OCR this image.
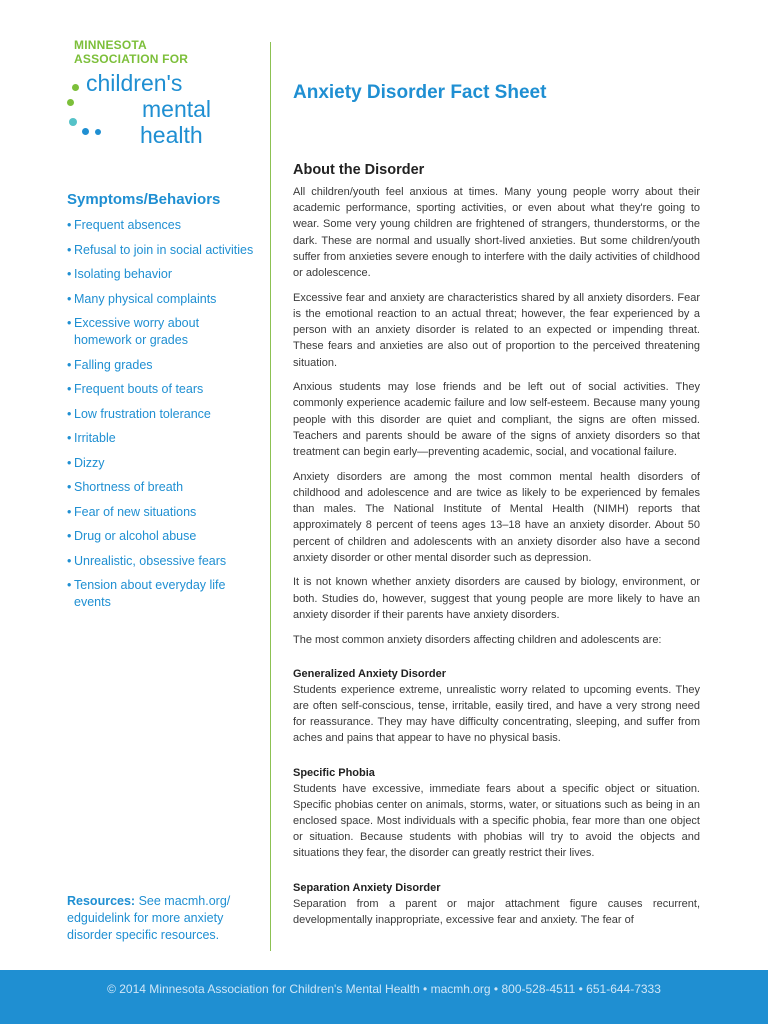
MINNESOTA
ASSOCIATION FOR
children's
mental
health
Anxiety Disorder Fact Sheet
Symptoms/Behaviors
• Frequent absences
• Refusal to join in social activities
• Isolating behavior
• Many physical complaints
• Excessive worry about homework or grades
• Falling grades
• Frequent bouts of tears
• Low frustration tolerance
• Irritable
• Dizzy
• Shortness of breath
• Fear of new situations
• Drug or alcohol abuse
• Unrealistic, obsessive fears
• Tension about everyday life events
Resources: See macmh.org/ edguidelink for more anxiety disorder specific resources.
About the Disorder

All children/youth feel anxious at times. Many young people worry about their academic performance, sporting activities, or even about what they're going to wear. Some very young children are frightened of strangers, thunderstorms, or the dark. These are normal and usually short-lived anxieties. But some children/youth suffer from anxieties severe enough to interfere with the daily activities of childhood or adolescence.

Excessive fear and anxiety are characteristics shared by all anxiety disorders. Fear is the emotional reaction to an actual threat; however, the fear experienced by a person with an anxiety disorder is related to an expected or impending threat. These fears and anxieties are also out of proportion to the perceived threatening situation.

Anxious students may lose friends and be left out of social activities. They commonly experience academic failure and low self-esteem. Because many young people with this disorder are quiet and compliant, the signs are often missed. Teachers and parents should be aware of the signs of anxiety disorders so that treatment can begin early—preventing academic, social, and vocational failure.

Anxiety disorders are among the most common mental health disorders of childhood and adolescence and are twice as likely to be experienced by females than males. The National Institute of Mental Health (NIMH) reports that approximately 8 percent of teens ages 13–18 have an anxiety disorder. About 50 percent of children and adolescents with an anxiety disorder also have a second anxiety disorder or other mental disorder such as depression.

It is not known whether anxiety disorders are caused by biology, environment, or both. Studies do, however, suggest that young people are more likely to have an anxiety disorder if their parents have anxiety disorders.

The most common anxiety disorders affecting children and adolescents are:

Generalized Anxiety Disorder

Students experience extreme, unrealistic worry related to upcoming events. They are often self-conscious, tense, irritable, easily tired, and have a very strong need for reassurance. They may have difficulty concentrating, sleeping, and suffer from aches and pains that appear to have no physical basis.

Specific Phobia

Students have excessive, immediate fears about a specific object or situation. Specific phobias center on animals, storms, water, or situations such as being in an enclosed space. Most individuals with a specific phobia, fear more than one object or situation. Because students with phobias will try to avoid the objects and situations they fear, the disorder can greatly restrict their lives.

Separation Anxiety Disorder

Separation from a parent or major attachment figure causes recurrent, developmentally inappropriate, excessive fear and anxiety. The fear of

© 2014 Minnesota Association for Children's Mental Health • macmh.org • 800-528-4511 • 651-644-7333
